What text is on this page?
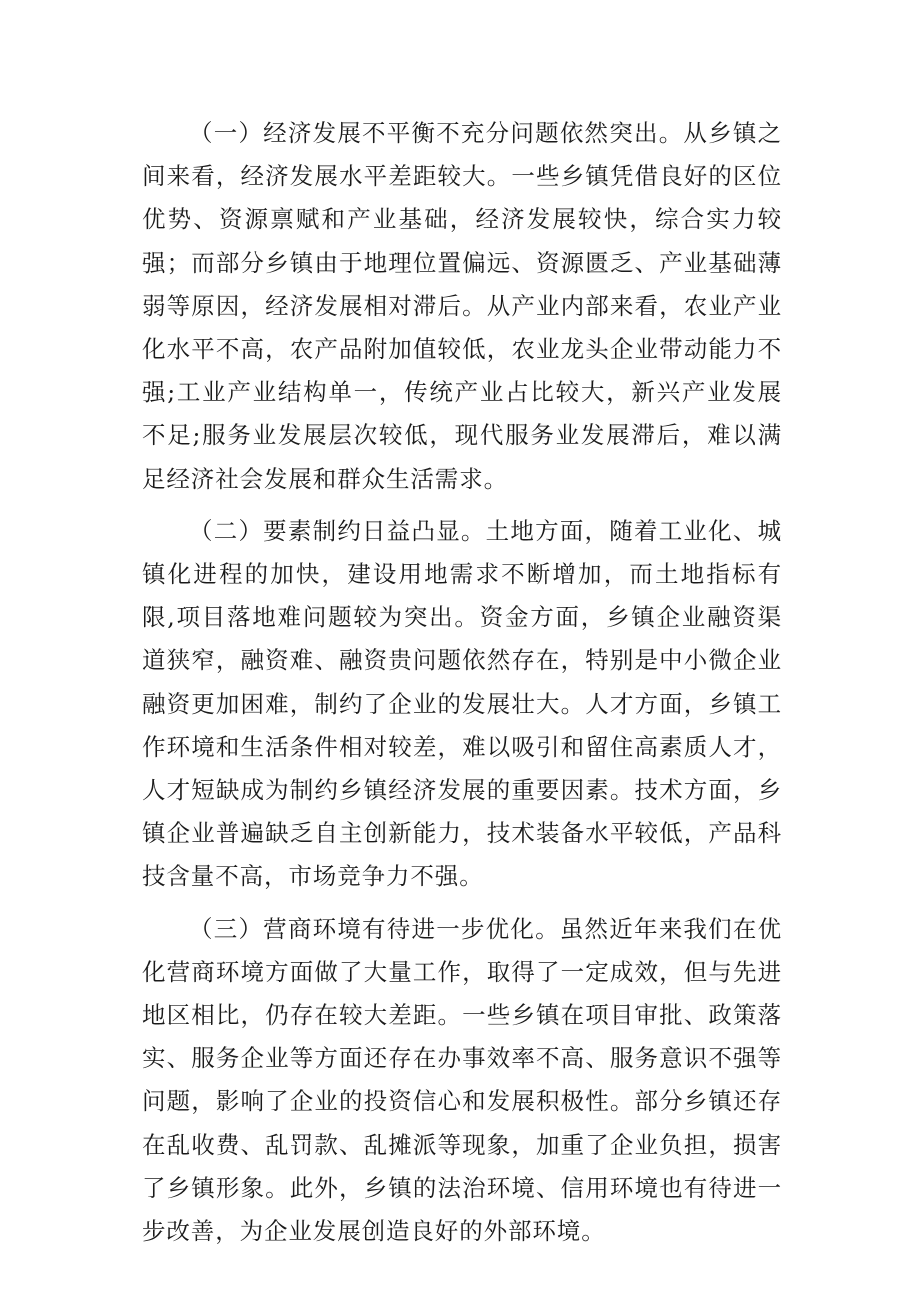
（一）经济发展不平衡不充分问题依然突出。从乡镇之间来看，经济发展水平差距较大。一些乡镇凭借良好的区位优势、资源禀赋和产业基础，经济发展较快，综合实力较强；而部分乡镇由于地理位置偏远、资源匮乏、产业基础薄弱等原因，经济发展相对滞后。从产业内部来看，农业产业化水平不高，农产品附加值较低，农业龙头企业带动能力不强;工业产业结构单一，传统产业占比较大，新兴产业发展不足;服务业发展层次较低，现代服务业发展滞后，难以满足经济社会发展和群众生活需求。

（二）要素制约日益凸显。土地方面，随着工业化、城镇化进程的加快，建设用地需求不断增加，而土地指标有限,项目落地难问题较为突出。资金方面，乡镇企业融资渠道狭窄，融资难、融资贵问题依然存在，特别是中小微企业融资更加困难，制约了企业的发展壮大。人才方面，乡镇工作环境和生活条件相对较差，难以吸引和留住高素质人才，人才短缺成为制约乡镇经济发展的重要因素。技术方面，乡镇企业普遍缺乏自主创新能力，技术装备水平较低，产品科技含量不高，市场竞争力不强。

（三）营商环境有待进一步优化。虽然近年来我们在优化营商环境方面做了大量工作，取得了一定成效，但与先进地区相比，仍存在较大差距。一些乡镇在项目审批、政策落实、服务企业等方面还存在办事效率不高、服务意识不强等问题，影响了企业的投资信心和发展积极性。部分乡镇还存在乱收费、乱罚款、乱摊派等现象，加重了企业负担，损害了乡镇形象。此外，乡镇的法治环境、信用环境也有待进一步改善，为企业发展创造良好的外部环境。
